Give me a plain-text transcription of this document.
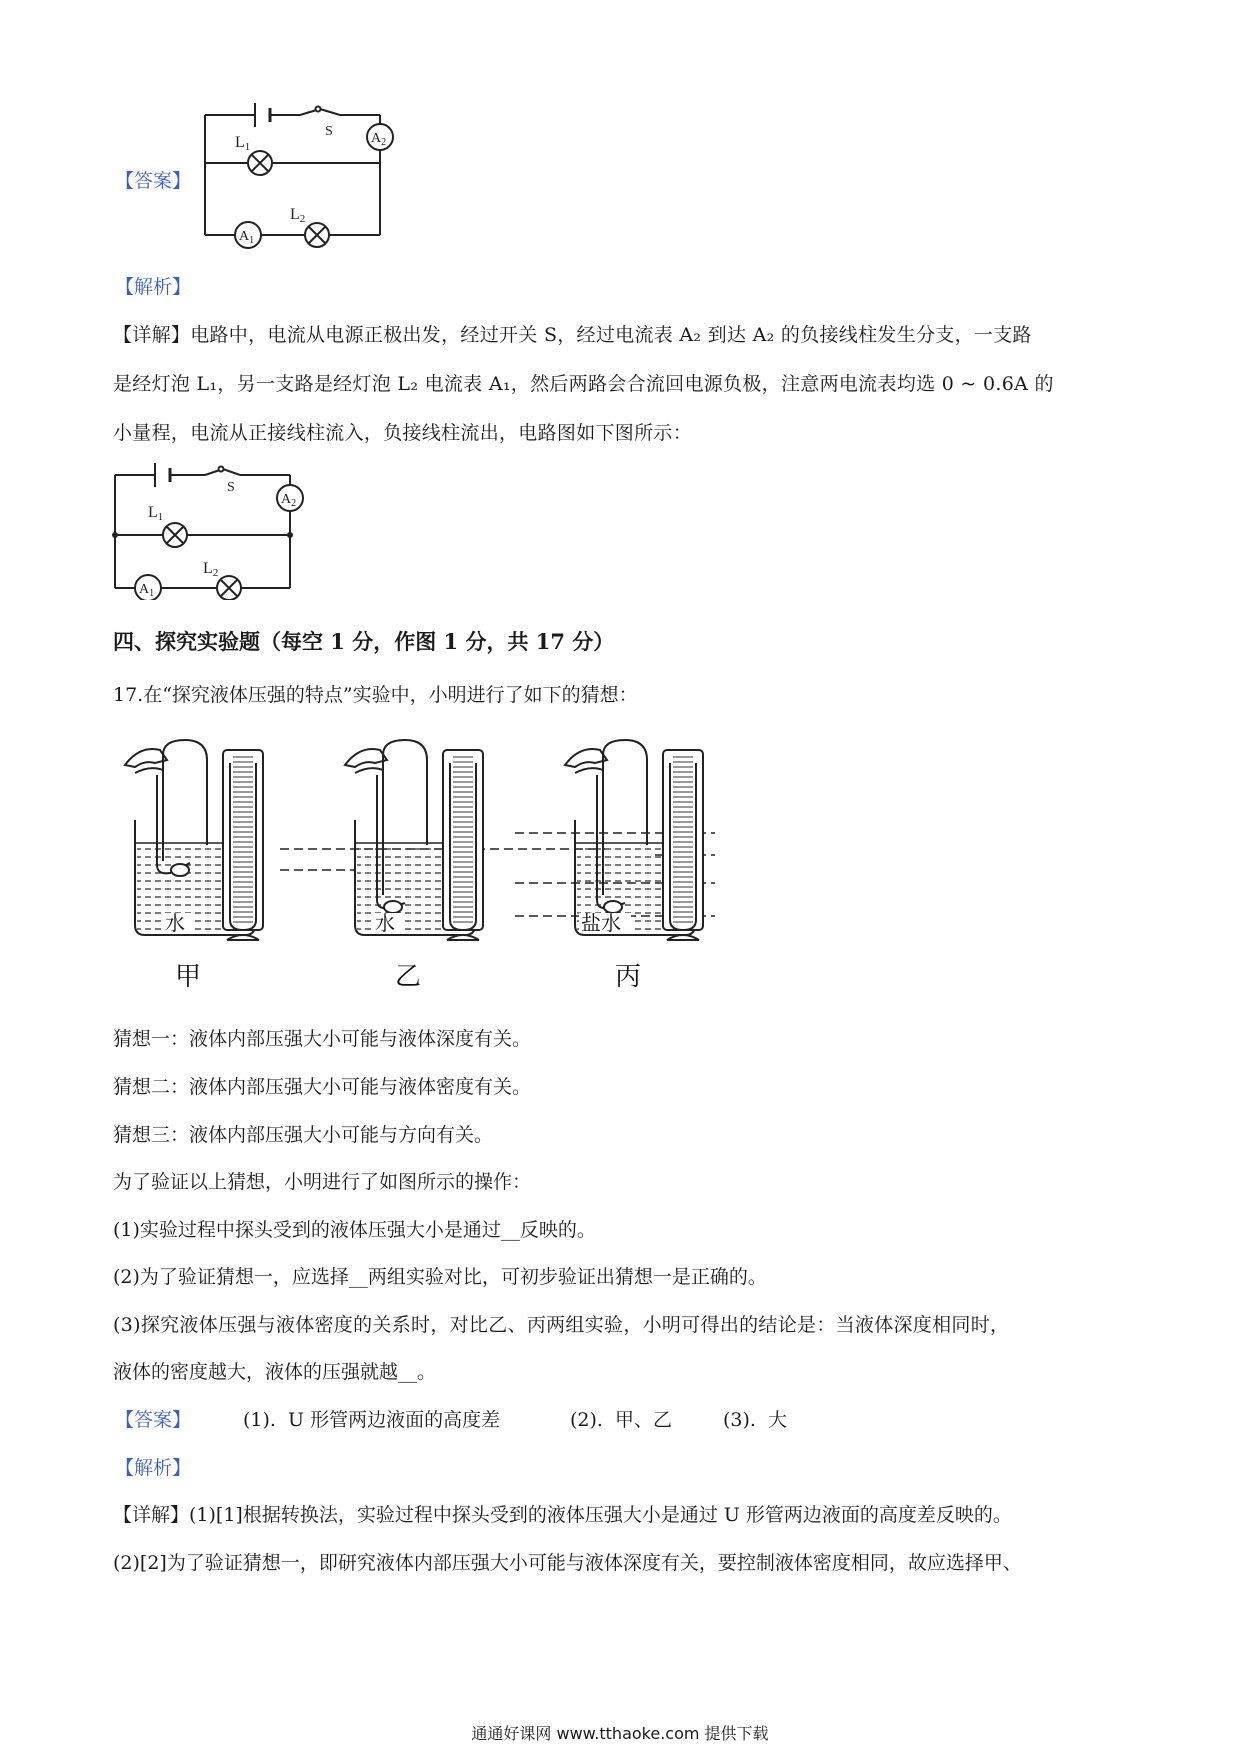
S	$A_2$
L1
$A_1$
L2
【答案】
【解析】
【详解】电路中，电流从电源正极出发，经过开关 S，经过电流表 A₂ 到达 A₂ 的负接线柱发生分支，一支路
是经灯泡 L₁，另一支路是经灯泡 L₂ 电流表 A₁，然后两路会合流回电源负极，注意两电流表均选 0 ~ 0.6A 的
小量程，电流从正接线柱流入，负接线柱流出，电路图如下图所示：
S
$A_2$
L1
$A_1$
L2
四、探究实验题（每空 1 分，作图 1 分，共 17 分）
17.在“探究液体压强的特点”实验中，小明进行了如下的猜想：
水	水	盐水
甲	乙	丙
猜想一：液体内部压强大小可能与液体深度有关。
猜想二：液体内部压强大小可能与液体密度有关。
猜想三：液体内部压强大小可能与方向有关。
为了验证以上猜想，小明进行了如图所示的操作：
(1)实验过程中探头受到的液体压强大小是通过__反映的。
(2)为了验证猜想一，应选择__两组实验对比，可初步验证出猜想一是正确的。
(3)探究液体压强与液体密度的关系时，对比乙、丙两组实验，小明可得出的结论是：当液体深度相同时，
液体的密度越大，液体的压强就越__。
【答案】	(1).  U 形管两边液面的高度差	(2).  甲、乙	(3).  大
【解析】
【详解】(1)[1]根据转换法，实验过程中探头受到的液体压强大小是通过 U 形管两边液面的高度差反映的。
(2)[2]为了验证猜想一，即研究液体内部压强大小可能与液体深度有关，要控制液体密度相同，故应选择甲、
通通好课网 www.tthaoke.com 提供下载
